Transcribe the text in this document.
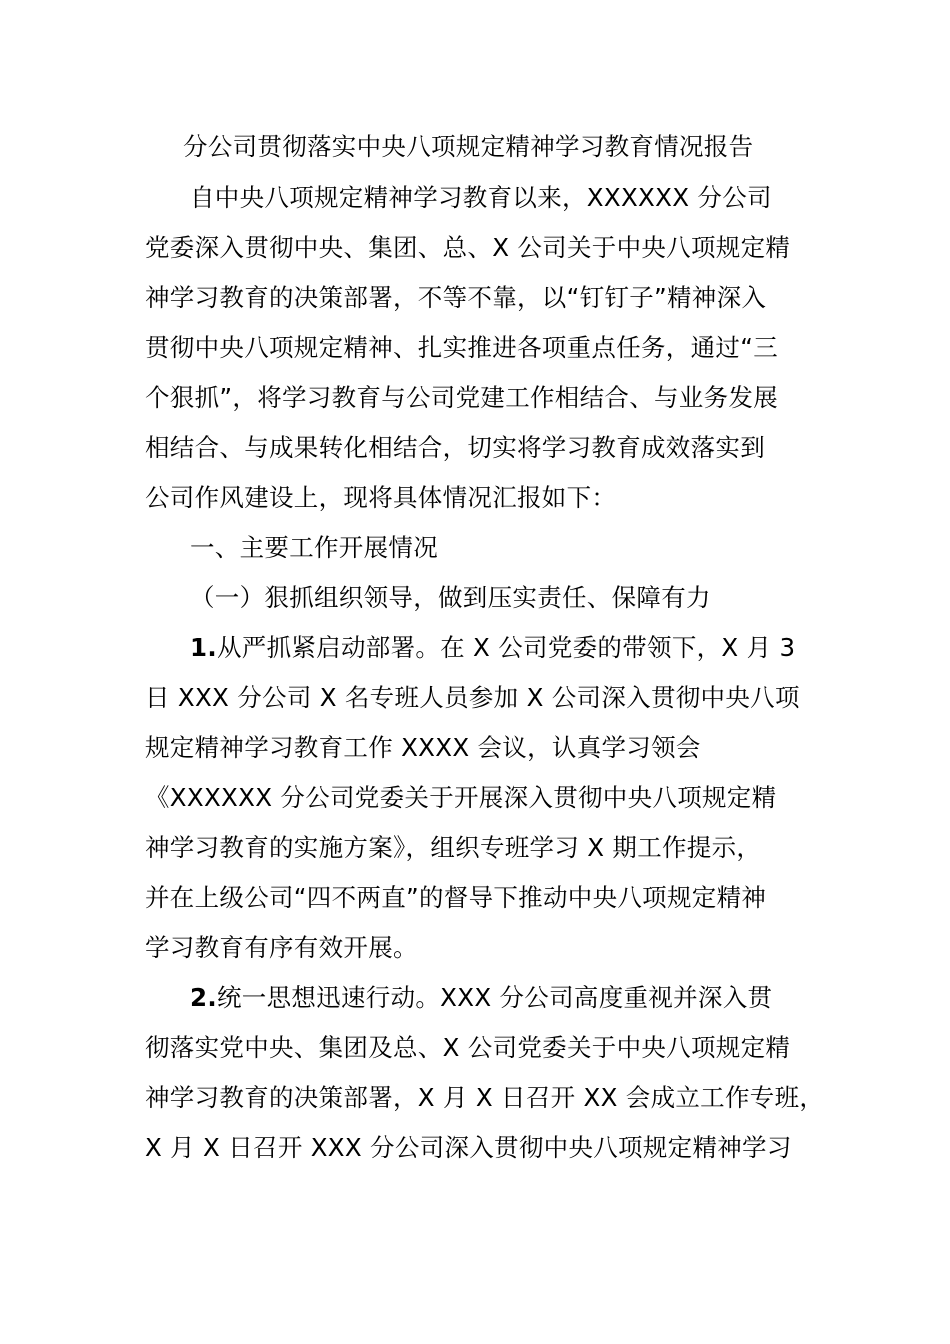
分公司贯彻落实中央八项规定精神学习教育情况报告
自中央八项规定精神学习教育以来，XXXXXX 分公司
党委深入贯彻中央、集团、总、X 公司关于中央八项规定精
神学习教育的决策部署，不等不靠，以“钉钉子”精神深入
贯彻中央八项规定精神、扎实推进各项重点任务，通过“三
个狠抓”，将学习教育与公司党建工作相结合、与业务发展
相结合、与成果转化相结合，切实将学习教育成效落实到
公司作风建设上，现将具体情况汇报如下：
一、主要工作开展情况
（一）狠抓组织领导，做到压实责任、保障有力
1.从严抓紧启动部署。在 X 公司党委的带领下，X 月 3
日 XXX 分公司 X 名专班人员参加 X 公司深入贯彻中央八项
规定精神学习教育工作 XXXX 会议，认真学习领会
《XXXXXX 分公司党委关于开展深入贯彻中央八项规定精
神学习教育的实施方案》，组织专班学习 X 期工作提示，
并在上级公司“四不两直”的督导下推动中央八项规定精神
学习教育有序有效开展。
2.统一思想迅速行动。XXX 分公司高度重视并深入贯
彻落实党中央、集团及总、X 公司党委关于中央八项规定精
神学习教育的决策部署，X 月 X 日召开 XX 会成立工作专班，
X 月 X 日召开 XXX 分公司深入贯彻中央八项规定精神学习
